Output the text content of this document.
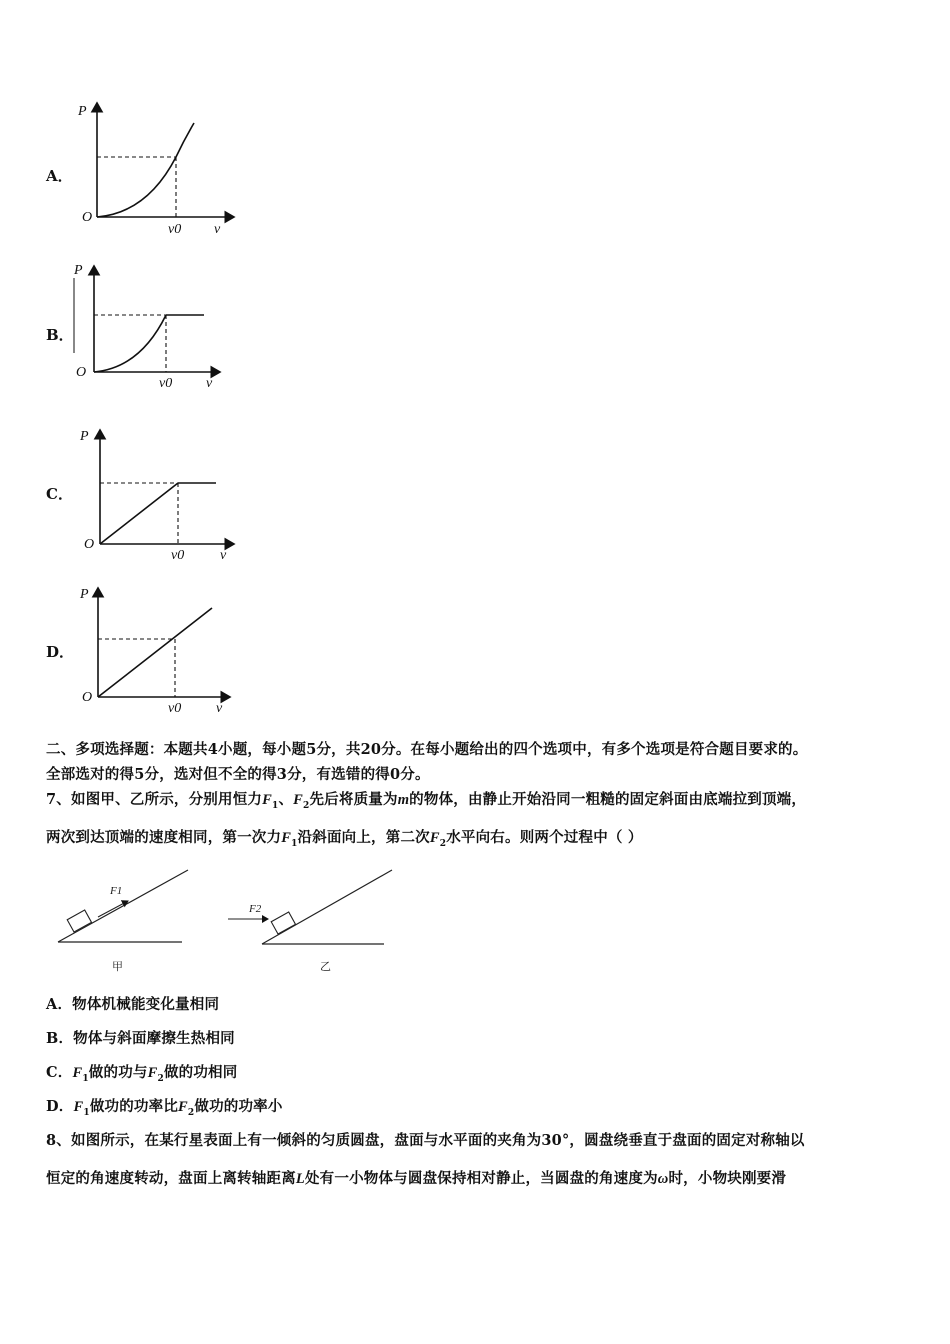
A．
P
O
v0 v
B．
P
O
v0 v
C．
P
O
v0	v
D．
P
O
v0 v
二、多项选择题：本题共4小题，每小题5分，共20分。在每小题给出的四个选项中，有多个选项是符合题目要求的。
全部选对的得5分，选对但不全的得3分，有选错的得0分。
7、如图甲、乙所示，分别用恒力$F_1$、$F_2$先后将质量为m的物体，由静止开始沿同一粗糙的固定斜面由底端拉到顶端，
两次到达顶端的速度相同，第一次力$F_1$沿斜面向上，第二次$F_2$水平向右。则两个过程中（ ）
F1
甲
F2
乙
A．物体机械能变化量相同
B．物体与斜面摩擦生热相同
C．$F_1$做的功与$F_2$做的功相同
D．$F_1$做功的功率比$F_2$做功的功率小
8、如图所示，在某行星表面上有一倾斜的匀质圆盘，盘面与水平面的夹角为30°，圆盘绕垂直于盘面的固定对称轴以
恒定的角速度转动，盘面上离转轴距离L处有一小物体与圆盘保持相对静止，当圆盘的角速度为ω时，小物块刚要滑
